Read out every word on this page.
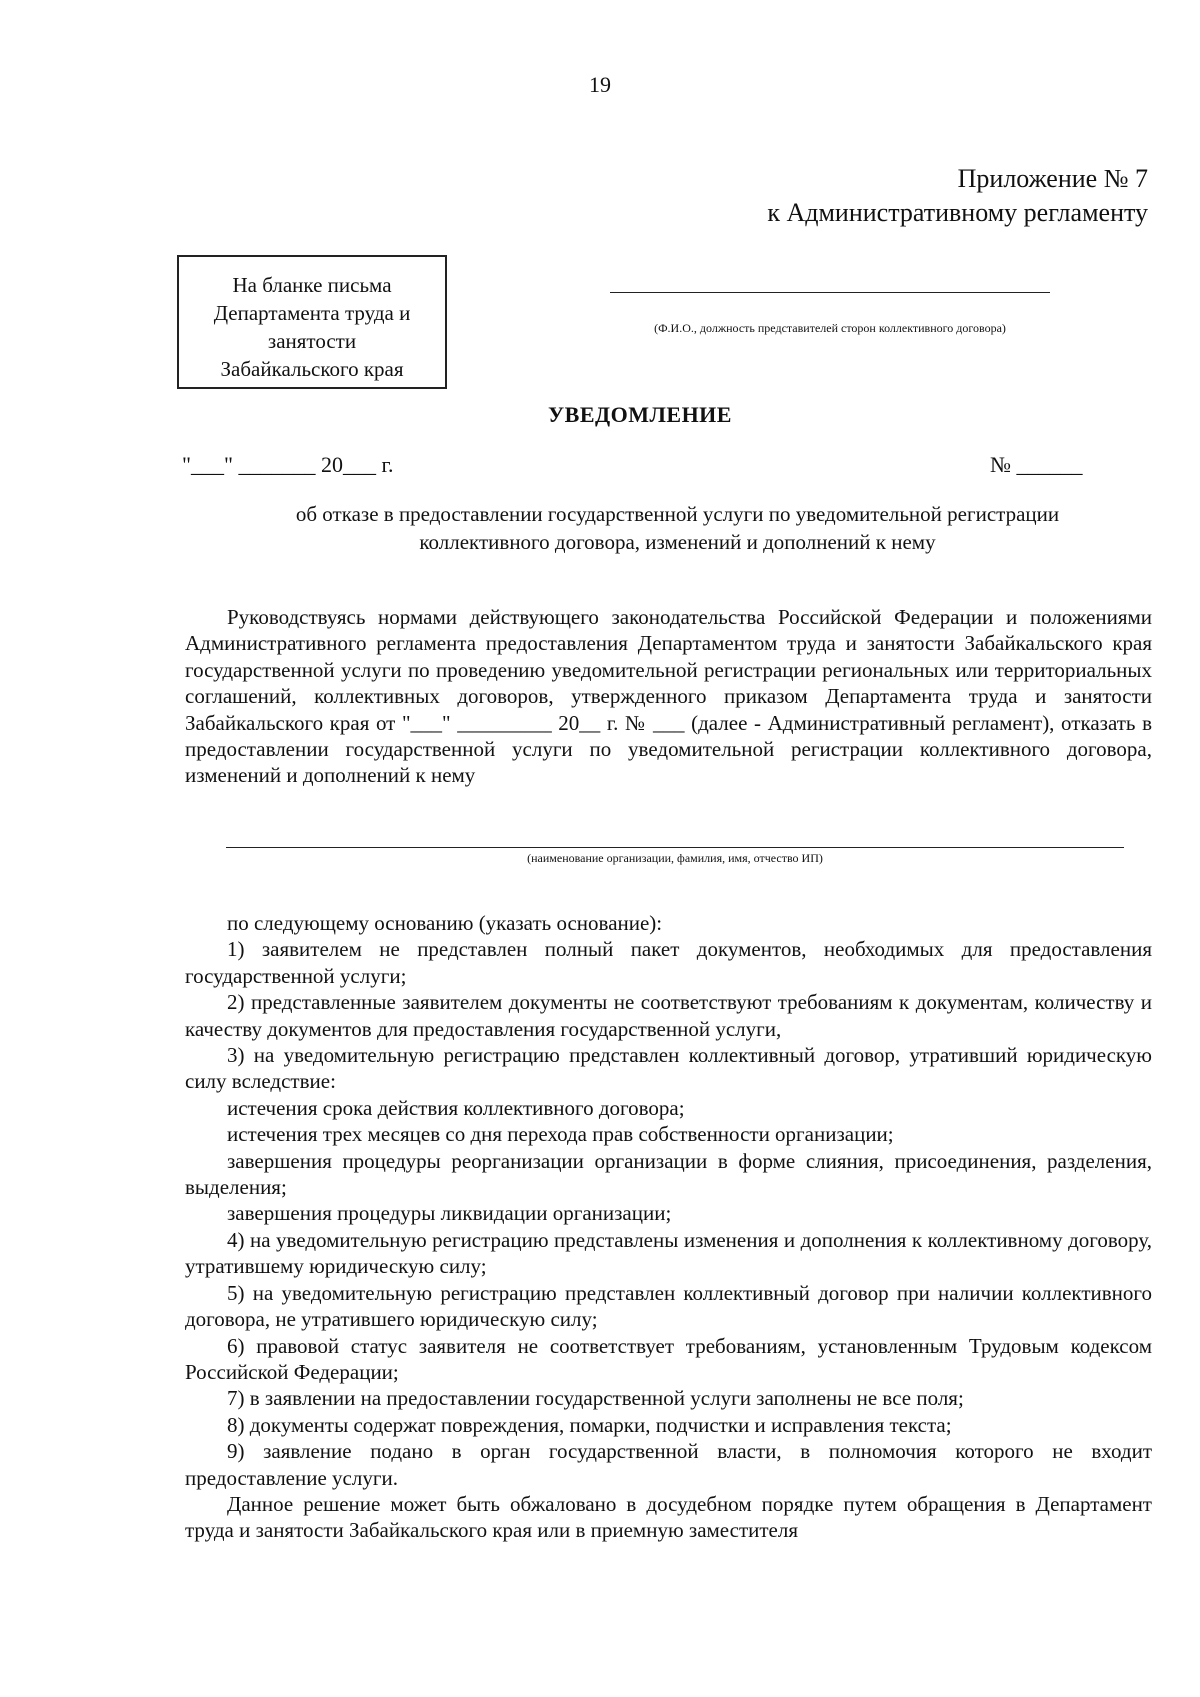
19
Приложение № 7
к Административному регламенту
На бланке письма
Департамента труда и
занятости
Забайкальского края
(Ф.И.О., должность представителей сторон коллективного договора)
УВЕДОМЛЕНИЕ
"___" _______ 20___ г.	№ ______
об отказе в предоставлении государственной услуги по уведомительной регистрации
коллективного договора, изменений и дополнений к нему
Руководствуясь нормами действующего законодательства Российской Федерации и положениями Административного регламента предоставления Департаментом труда и занятости Забайкальского края государственной услуги по проведению уведомительной регистрации региональных или территориальных соглашений, коллективных договоров, утвержденного приказом Департамента труда и занятости Забайкальского края от "___" _________ 20__ г. № ___ (далее - Административный регламент), отказать в предоставлении государственной услуги по уведомительной регистрации коллективного договора, изменений и дополнений к нему
(наименование организации, фамилия, имя, отчество ИП)

по следующему основанию (указать основание):

1) заявителем не представлен полный пакет документов, необходимых для предоставления государственной услуги;

2) представленные заявителем документы не соответствуют требованиям к документам, количеству и качеству документов для предоставления государственной услуги,

3) на уведомительную регистрацию представлен коллективный договор, утративший юридическую силу вследствие:

истечения срока действия коллективного договора;

истечения трех месяцев со дня перехода прав собственности организации;

завершения процедуры реорганизации организации в форме слияния, присоединения, разделения, выделения;

завершения процедуры ликвидации организации;

4) на уведомительную регистрацию представлены изменения и дополнения к коллективному договору, утратившему юридическую силу;

5) на уведомительную регистрацию представлен коллективный договор при наличии коллективного договора, не утратившего юридическую силу;

6) правовой статус заявителя не соответствует требованиям, установленным Трудовым кодексом Российской Федерации;

7) в заявлении на предоставлении государственной услуги заполнены не все поля;

8) документы содержат повреждения, помарки, подчистки и исправления текста;

9) заявление подано в орган государственной власти, в полномочия которого не входит предоставление услуги.

Данное решение может быть обжаловано в досудебном порядке путем обращения в Департамент труда и занятости Забайкальского края или в приемную заместителя
